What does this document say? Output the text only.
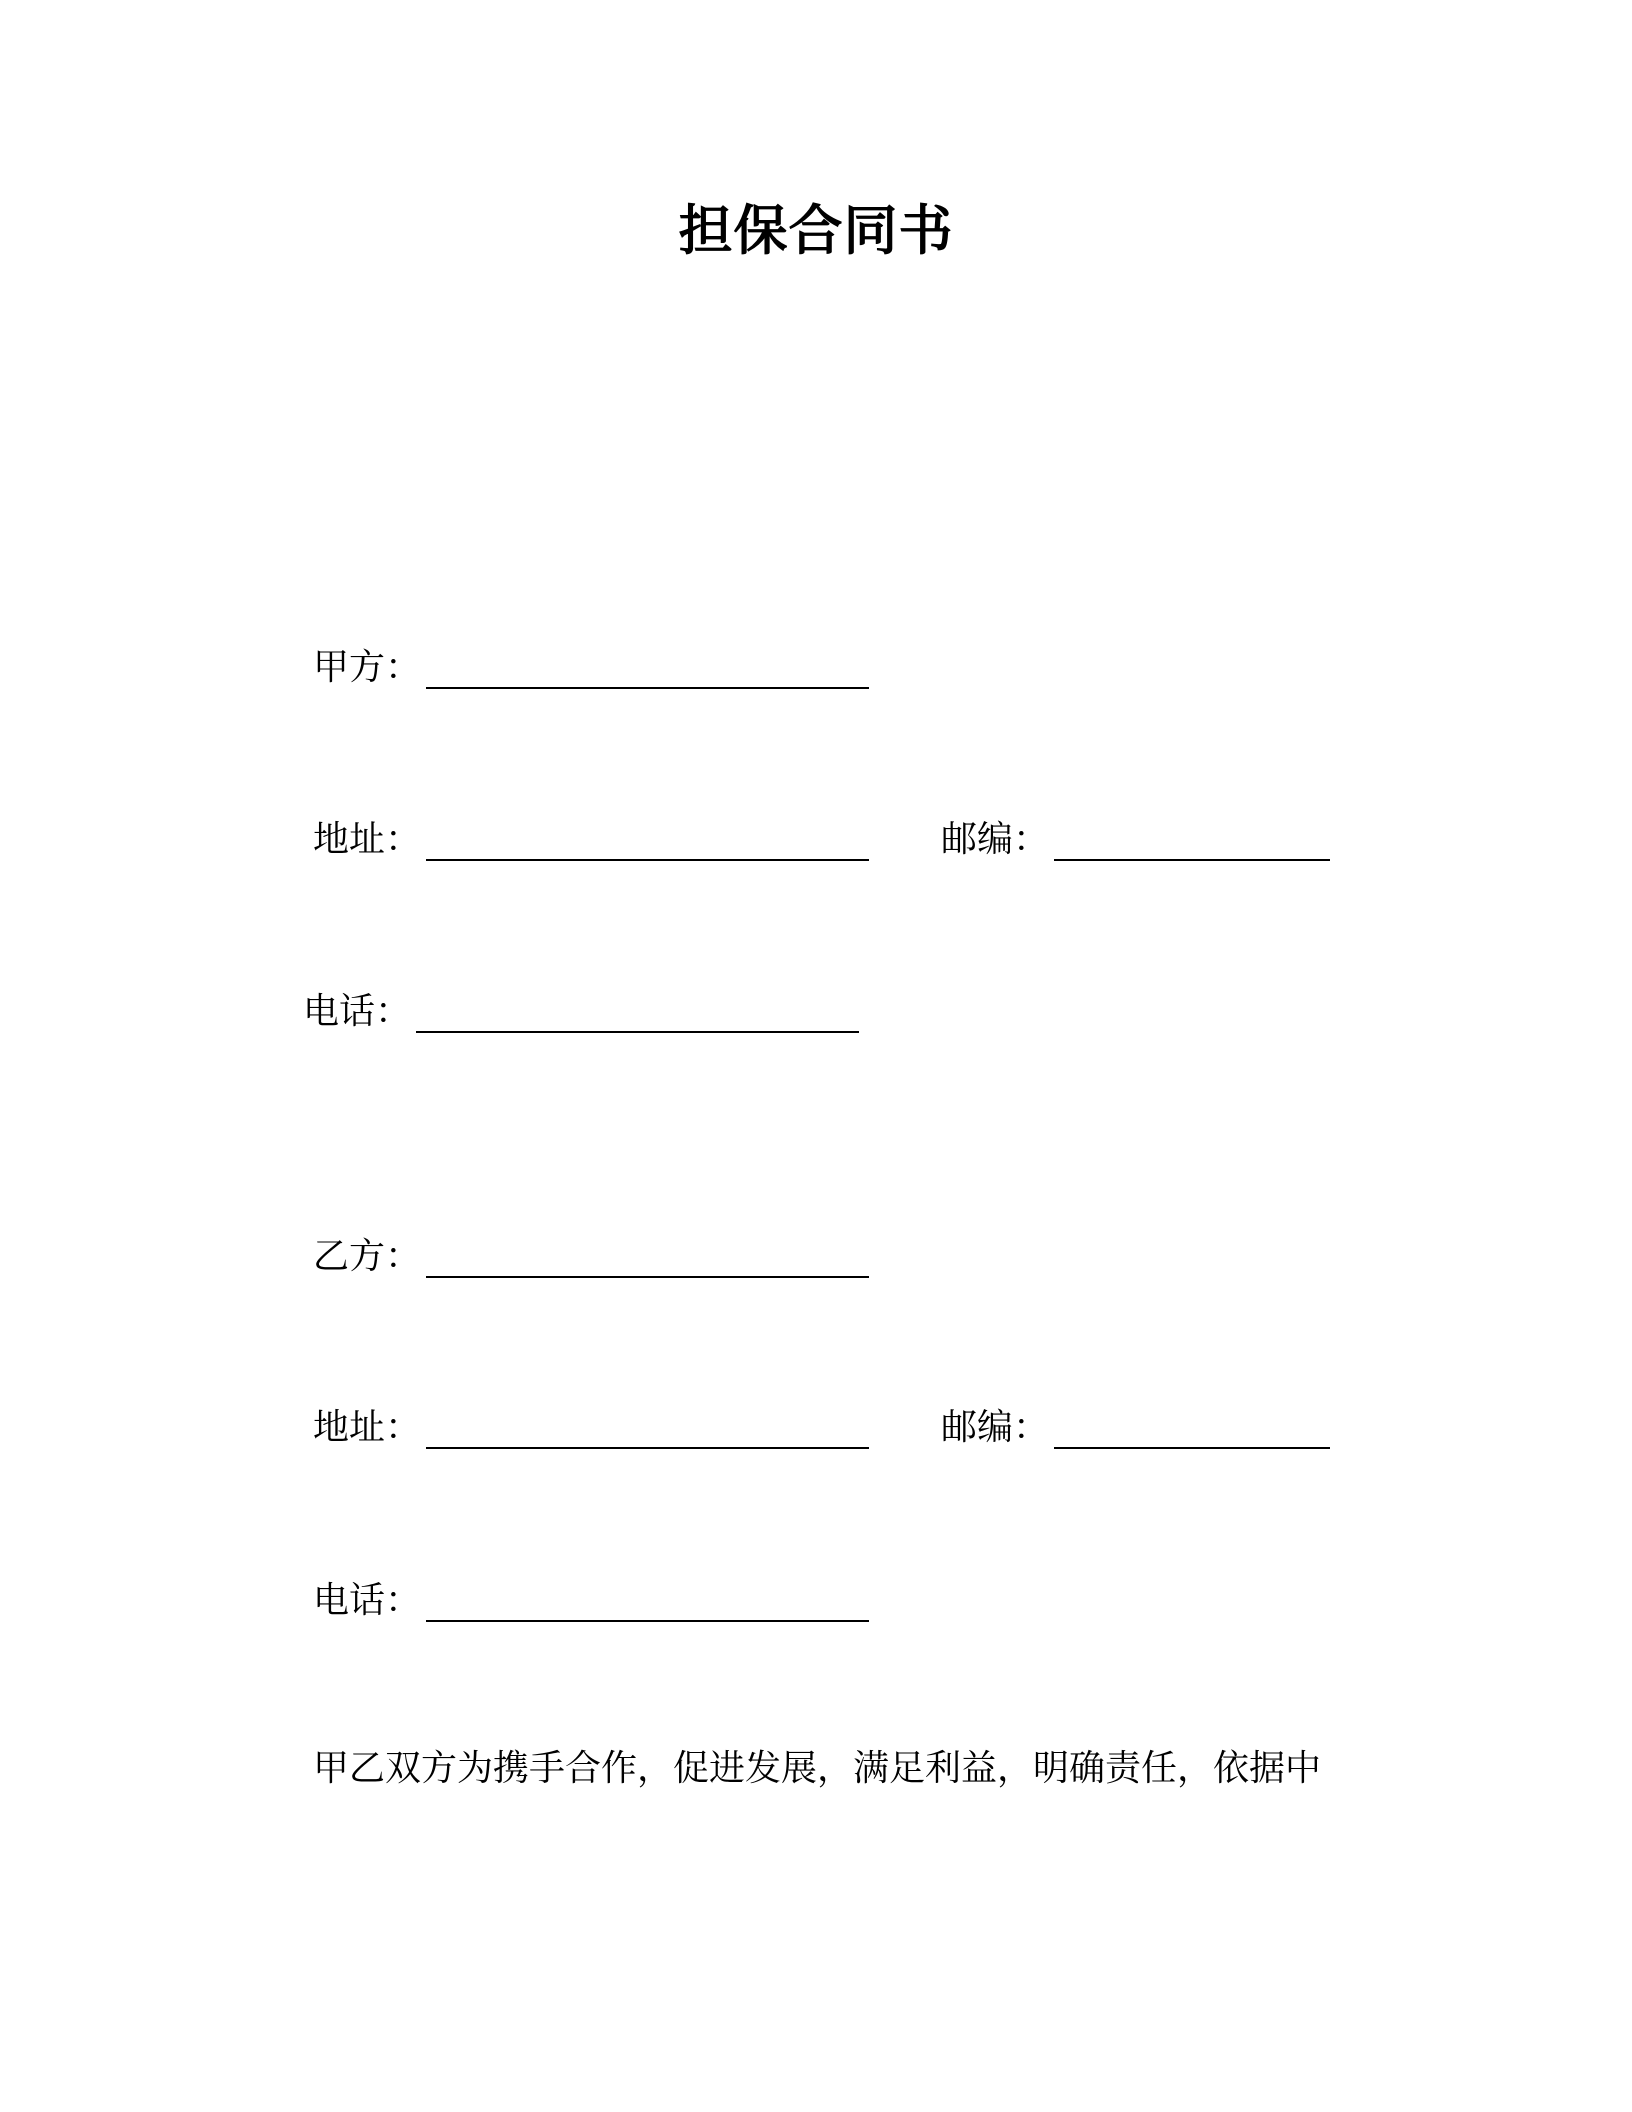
担保合同书
甲方：
地址：	邮编：
电话：
乙方：
地址：	邮编：
电话：
甲乙双方为携手合作，促进发展，满足利益，明确责任，依据中
